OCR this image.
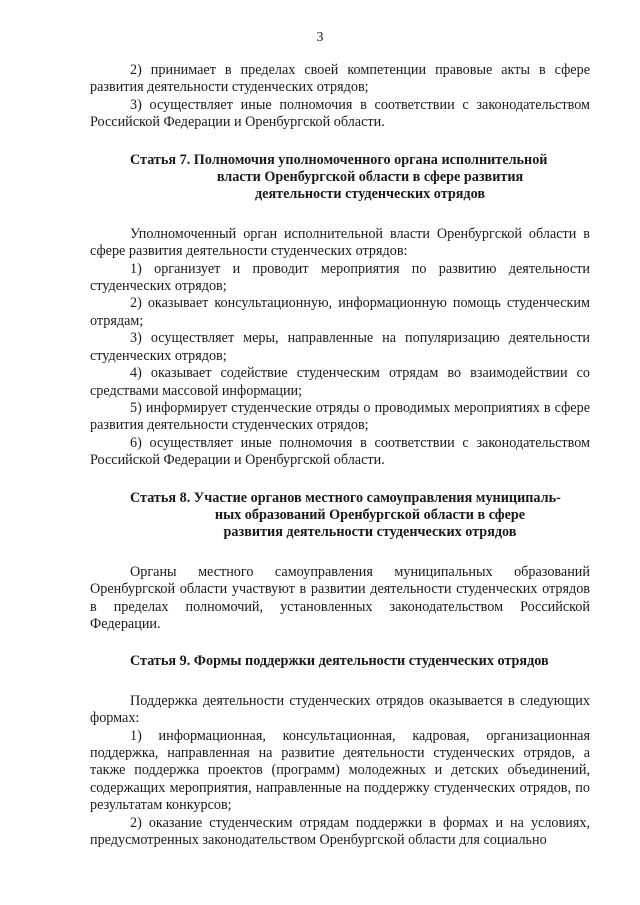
3

2) принимает в пределах своей компетенции правовые акты в сфере развития деятельности студенческих отрядов;

3) осуществляет иные полномочия в соответствии с законодательством Российской Федерации и Оренбургской области.

Статья 7. Полномочия уполномоченного органа исполнительной
власти Оренбургской области в сфере развития
деятельности студенческих отрядов

Уполномоченный орган исполнительной власти Оренбургской области в сфере развития деятельности студенческих отрядов:

1) организует и проводит мероприятия по развитию деятельности студенческих отрядов;

2) оказывает консультационную, информационную помощь студенческим отрядам;

3) осуществляет меры, направленные на популяризацию деятельности студенческих отрядов;

4) оказывает содействие студенческим отрядам во взаимодействии со средствами массовой информации;

5) информирует студенческие отряды о проводимых мероприятиях в сфере развития деятельности студенческих отрядов;

6) осуществляет иные полномочия в соответствии с законодательством Российской Федерации и Оренбургской области.

Статья 8. Участие органов местного самоуправления муниципаль-
ных образований Оренбургской области в сфере
развития деятельности студенческих отрядов

Органы местного самоуправления муниципальных образований Оренбургской области участвуют в развитии деятельности студенческих отрядов в пределах полномочий, установленных законодательством Российской Федерации.

Статья 9. Формы поддержки деятельности студенческих отрядов

Поддержка деятельности студенческих отрядов оказывается в следующих формах:

1) информационная, консультационная, кадровая, организационная поддержка, направленная на развитие деятельности студенческих отрядов, а также поддержка проектов (программ) молодежных и детских объединений, содержащих мероприятия, направленные на поддержку студенческих отрядов, по результатам конкурсов;

2) оказание студенческим отрядам поддержки в формах и на условиях, предусмотренных законодательством Оренбургской области для социально
